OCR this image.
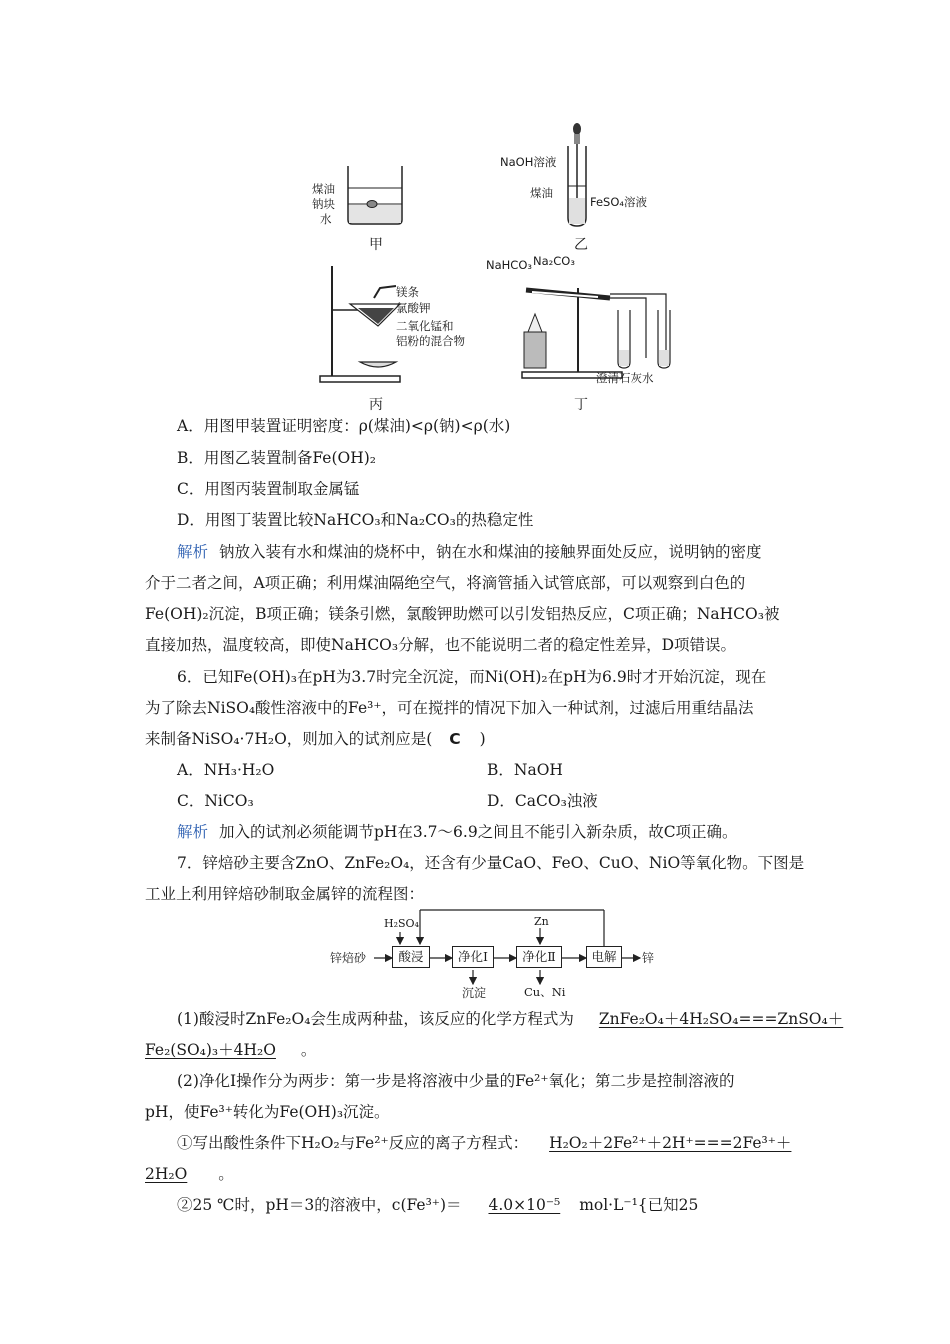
煤油
钠块
水
甲
NaOH溶液
煤油
FeSO₄溶液
乙
镁条
氯酸钾
二氧化锰和
铝粉的混合物
丙
NaHCO₃ Na₂CO₃
澄清石灰水
丁
A．用图甲装置证明密度：ρ(煤油)<ρ(钠)<ρ(水)
B．用图乙装置制备Fe(OH)₂
C．用图丙装置制取金属锰
D．用图丁装置比较NaHCO₃和Na₂CO₃的热稳定性
解析 钠放入装有水和煤油的烧杯中，钠在水和煤油的接触界面处反应，说明钠的密度
介于二者之间，A项正确；利用煤油隔绝空气，将滴管插入试管底部，可以观察到白色的
Fe(OH)₂沉淀，B项正确；镁条引燃，氯酸钾助燃可以引发铝热反应，C项正确；NaHCO₃被
直接加热，温度较高，即使NaHCO₃分解，也不能说明二者的稳定性差异，D项错误。
6．已知Fe(OH)₃在pH为3.7时完全沉淀，而Ni(OH)₂在pH为6.9时才开始沉淀，现在
为了除去NiSO₄酸性溶液中的Fe³⁺，可在搅拌的情况下加入一种试剂，过滤后用重结晶法
来制备NiSO₄·7H₂O，则加入的试剂应是( C )
A．NH₃·H₂O	B．NaOH
C．NiCO₃	D．CaCO₃浊液
解析 加入的试剂必须能调节pH在3.7～6.9之间且不能引入新杂质，故C项正确。
7．锌焙砂主要含ZnO、ZnFe₂O₄，还含有少量CaO、FeO、CuO、NiO等氧化物。下图是
工业上利用锌焙砂制取金属锌的流程图：
锌焙砂	酸浸	净化Ⅰ	净化Ⅱ	电解	锌
H₂SO₄	Zn
沉淀	Cu、Ni
(1)酸浸时ZnFe₂O₄会生成两种盐，该反应的化学方程式为 ZnFe₂O₄＋4H₂SO₄===ZnSO₄＋
Fe₂(SO₄)₃＋4H₂O 。
(2)净化Ⅰ操作分为两步：第一步是将溶液中少量的Fe²⁺氧化；第二步是控制溶液的
pH，使Fe³⁺转化为Fe(OH)₃沉淀。
①写出酸性条件下H₂O₂与Fe²⁺反应的离子方程式： H₂O₂＋2Fe²⁺＋2H⁺===2Fe³⁺＋
2H₂O 。
②25 ℃时，pH＝3的溶液中，c(Fe³⁺)＝ 4.0×10⁻⁵ mol·L⁻¹{已知25
